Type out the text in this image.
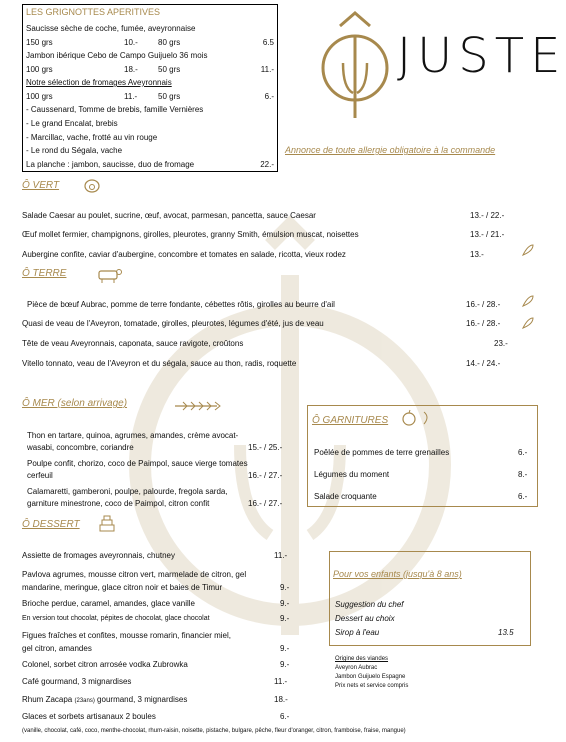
LES GRIGNOTTES APERITIVES
Saucisse sèche de coche, fumée, aveyronnaise
150 grs	10.-	80 grs	6.5
Jambon ibérique Cebo de Campo Guijuelo 36 mois
100 grs	18.-	50 grs	11.-
Notre sélection de fromages Aveyronnais
100 grs	11.-	50 grs	6.-
- Caussenard, Tomme de brebis, famille Vernières
- Le grand Encalat, brebis
- Marcillac, vache, frotté au vin rouge
- Le rond du Ségala, vache
La planche : jambon, saucisse, duo de fromage	22.-
JUSTE
Annonce de toute allergie obligatoire à la commande
Ô VERT
Ô TERRE
Ô MER (selon arrivage)
Ô GARNITURES
Poêlée de pommes de terre grenailles	6.-
Légumes du moment	8.-
Salade croquante	6.-
Ô DESSERT
(vanille, chocolat, café, coco, menthe-chocolat, rhum-raisin, noisette, pistache, bulgare, pêche, fleur d'oranger, citron, framboise, fraise, mangue)
Pour vos enfants (jusqu'à 8 ans)
Suggestion du chef
Dessert au choix
Sirop à l'eau	13.5
Origine des viandes
Aveyron Aubrac
Jambon Guijuelo Espagne
Prix nets et service compris
Salade Caesar au poulet, sucrine, œuf, avocat, parmesan, pancetta, sauce Caesar	13.- / 22.-
Œuf mollet fermier, champignons, girolles, pleurotes, granny Smith, émulsion muscat, noisettes	13.- / 21.-
Aubergine confite, caviar d'aubergine, concombre et tomates en salade, ricotta, vieux rodez	13.-
Pièce de bœuf Aubrac, pomme de terre fondante, cébettes rôtis, girolles au beurre d'ail	16.- / 28.-
Quasi de veau de l'Aveyron, tomatade, girolles, pleurotes, légumes d'été, jus de veau	16.- / 28.-
Tête de veau Aveyronnais, caponata, sauce ravigote, croûtons	23.-
Vitello tonnato, veau de l'Aveyron et du ségala, sauce au thon, radis, roquette	14.- / 24.-
Thon en tartare, quinoa, agrumes, amandes, crème avocat-
wasabi, concombre, coriandre	15.- / 25.-
Poulpe confit, chorizo, coco de Paimpol, sauce vierge tomates
cerfeuil	16.- / 27.-
Calamaretti, gamberoni, poulpe, palourde, fregola sarda,
garniture minestrone, coco de Paimpol, citron confit	16.- / 27.-
Assiette de fromages aveyronnais, chutney	11.-
Pavlova agrumes, mousse citron vert, marmelade de citron, gel
mandarine, meringue, glace citron noir et baies de Timur	9.-
Brioche perdue, caramel, amandes, glace vanille	9.-
En version tout chocolat, pépites de chocolat, glace chocolat	9.-
Figues fraîches et confites, mousse romarin, financier miel,
gel citron, amandes	9.-
Colonel, sorbet citron arrosée vodka Zubrowka	9.-
Café gourmand, 3 mignardises	11.-
Rhum Zacapa (23ans) gourmand, 3 mignardises	18.-
Glaces et sorbets artisanaux 2 boules	6.-
